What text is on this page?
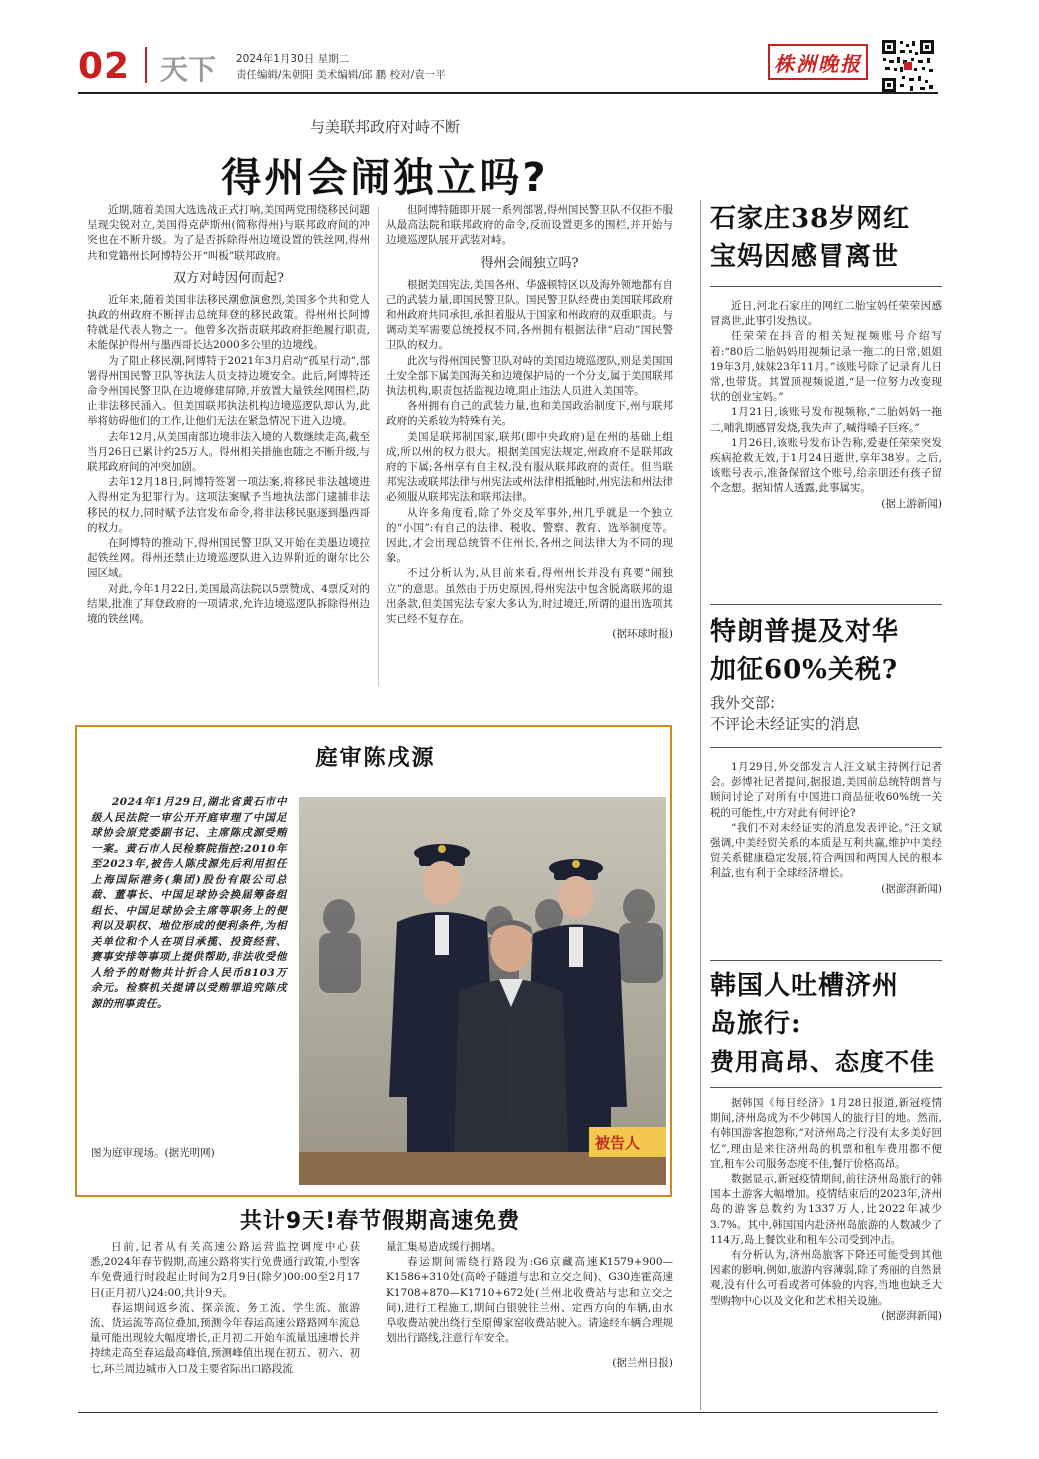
02 天下 2024年1月30日 星期二
责任编辑/朱朝阳 美术编辑/邱 鹏 校对/袁一平	株洲晚报
与美联邦政府对峙不断
得州会闹独立吗?

近期,随着美国大选选战正式打响,美国两党围绕移民问题呈现尖锐对立,美国得克萨斯州(简称得州)与联邦政府间的冲突也在不断升级。为了是否拆除得州边境设置的铁丝网,得州共和党籍州长阿博特公开“叫板”联邦政府。

双方对峙因何而起?

近年来,随着美国非法移民潮愈演愈烈,美国多个共和党人执政的州政府不断抨击总统拜登的移民政策。得州州长阿博特就是代表人物之一。他曾多次指责联邦政府拒绝履行职责,未能保护得州与墨西哥长达2000多公里的边境线。

为了阻止移民潮,阿博特于2021年3月启动“孤星行动”,部署得州国民警卫队等执法人员支持边境安全。此后,阿博特还命令州国民警卫队在边境修建屏障,并放置大量铁丝网围栏,防止非法移民涌入。但美国联邦执法机构边境巡逻队却认为,此举将妨碍他们的工作,让他们无法在紧急情况下进入边境。

去年12月,从美国南部边境非法入境的人数继续走高,截至当月26日已累计约25万人。得州相关措施也随之不断升级,与联邦政府间的冲突加剧。

去年12月18日,阿博特签署一项法案,将移民非法越境进入得州定为犯罪行为。这项法案赋予当地执法部门逮捕非法移民的权力,同时赋予法官发布命令,将非法移民驱逐到墨西哥的权力。

在阿博特的推动下,得州国民警卫队又开始在美墨边境拉起铁丝网。得州还禁止边境巡逻队进入边界附近的谢尔比公园区域。

对此,今年1月22日,美国最高法院以5票赞成、4票反对的结果,批准了拜登政府的一项请求,允许边境巡逻队拆除得州边境的铁丝网。

但阿博特随即开展一系列部署,得州国民警卫队不仅拒不服从最高法院和联邦政府的命令,反而设置更多的围栏,并开始与边境巡逻队展开武装对峙。

得州会闹独立吗?

根据美国宪法,美国各州、华盛顿特区以及海外领地都有自己的武装力量,即国民警卫队。国民警卫队经费由美国联邦政府和州政府共同承担,承担着服从于国家和州政府的双重职责。与调动美军需要总统授权不同,各州拥有根据法律“启动”国民警卫队的权力。

此次与得州国民警卫队对峙的美国边境巡逻队,则是美国国土安全部下属美国海关和边境保护局的一个分支,属于美国联邦执法机构,职责包括监视边境,阻止违法人员进入美国等。

各州拥有自己的武装力量,也和美国政治制度下,州与联邦政府的关系较为特殊有关。

美国是联邦制国家,联邦(即中央政府)是在州的基础上组成,所以州的权力很大。根据美国宪法规定,州政府不是联邦政府的下属;各州享有自主权,没有服从联邦政府的责任。但当联邦宪法或联邦法律与州宪法或州法律相抵触时,州宪法和州法律必须服从联邦宪法和联邦法律。

从许多角度看,除了外交及军事外,州几乎就是一个独立的“小国”:有自己的法律、税收、警察、教育、选举制度等。因此,才会出现总统管不住州长,各州之间法律大为不同的现象。

不过分析认为,从目前来看,得州州长并没有真要“闹独立”的意思。虽然由于历史原因,得州宪法中包含脱离联邦的退出条款,但美国宪法专家大多认为,时过境迁,所谓的退出选项其实已经不复存在。

(据环球时报)
石家庄38岁网红
宝妈因感冒离世

近日,河北石家庄的网红二胎宝妈任荣荣因感冒离世,此事引发热议。

任荣荣在抖音的相关短视频账号介绍写着:“80后二胎妈妈用视频记录一拖二的日常,姐姐19年3月,妹妹23年11月。”该账号除了记录育儿日常,也带货。其置顶视频说道,“是一位努力改变现状的创业宝妈。”

1月21日,该账号发布视频称,“二胎妈妈一拖二,哺乳期感冒发烧,我失声了,喊得嗓子巨疼。”

1月26日,该账号发布讣告称,爱妻任荣荣突发疾病抢救无效,于1月24日逝世,享年38岁。之后,该账号表示,准备保留这个账号,给亲朋还有孩子留个念想。据知情人透露,此事属实。

(据上游新闻)
特朗普提及对华
加征60%关税?
我外交部:
不评论未经证实的消息

1月29日,外交部发言人汪文斌主持例行记者会。彭博社记者提问,据报道,美国前总统特朗普与顾问讨论了对所有中国进口商品征收60%统一关税的可能性,中方对此有何评论?

“我们不对未经证实的消息发表评论。”汪文斌强调,中美经贸关系的本质是互利共赢,维护中美经贸关系健康稳定发展,符合两国和两国人民的根本利益,也有利于全球经济增长。

(据澎湃新闻)
韩国人吐槽济州
岛旅行:
费用高昂、态度不佳

据韩国《每日经济》1月28日报道,新冠疫情期间,济州岛成为不少韩国人的旅行目的地。然而,有韩国游客抱怨称,“对济州岛之行没有太多美好回忆”,理由是来往济州岛的机票和租车费用都不便宜,租车公司服务态度不佳,餐厅价格高昂。

数据显示,新冠疫情期间,前往济州岛旅行的韩国本土游客大幅增加。疫情结束后的2023年,济州岛的游客总数约为1337万人,比2022年减少3.7%。其中,韩国国内赴济州岛旅游的人数减少了114万,岛上餐饮业和租车公司受到冲击。

有分析认为,济州岛旅客下降还可能受到其他因素的影响,例如,旅游内容薄弱,除了秀丽的自然景观,没有什么可看或者可体验的内容,当地也缺乏大型购物中心以及文化和艺术相关设施。

(据澎湃新闻)
庭审陈戌源

2024年1月29日,湖北省黄石市中级人民法院一审公开开庭审理了中国足球协会原党委副书记、主席陈戌源受贿一案。黄石市人民检察院指控:2010年至2023年,被告人陈戌源先后利用担任上海国际港务(集团)股份有限公司总裁、董事长、中国足球协会换届筹备组组长、中国足球协会主席等职务上的便利以及职权、地位形成的便利条件,为相关单位和个人在项目承揽、投资经营、赛事安排等事项上提供帮助,非法收受他人给予的财物共计折合人民币8103万余元。检察机关提请以受贿罪追究陈戌源的刑事责任。

图为庭审现场。(据光明网)
被告人
共计9天!春节假期高速免费

日前,记者从有关高速公路运营监控调度中心获悉,2024年春节假期,高速公路将实行免费通行政策,小型客车免费通行时段起止时间为2月9日(除夕)00:00至2月17日(正月初八)24:00,共计9天。

春运期间返乡流、探亲流、务工流、学生流、旅游流、货运流等高位叠加,预测今年春运高速公路路网车流总量可能出现较大幅度增长,正月初二开始车流量迅速增长并持续走高至春运最高峰值,预测峰值出现在初五、初六、初七,环兰周边城市入口及主要省际出口路段流

量汇集易造成缓行拥堵。

春运期间需绕行路段为:G6京藏高速K1579+900—K1586+310处(高岭子隧道与忠和立交之间)、G30连霍高速K1708+870—K1710+672处(兰州北收费站与忠和立交之间),进行工程施工,期间白银驶往兰州、定西方向的车辆,由水阜收费站驶出绕行至原傅家窑收费站驶入。请途经车辆合理规划出行路线,注意行车安全。

(据兰州日报)
